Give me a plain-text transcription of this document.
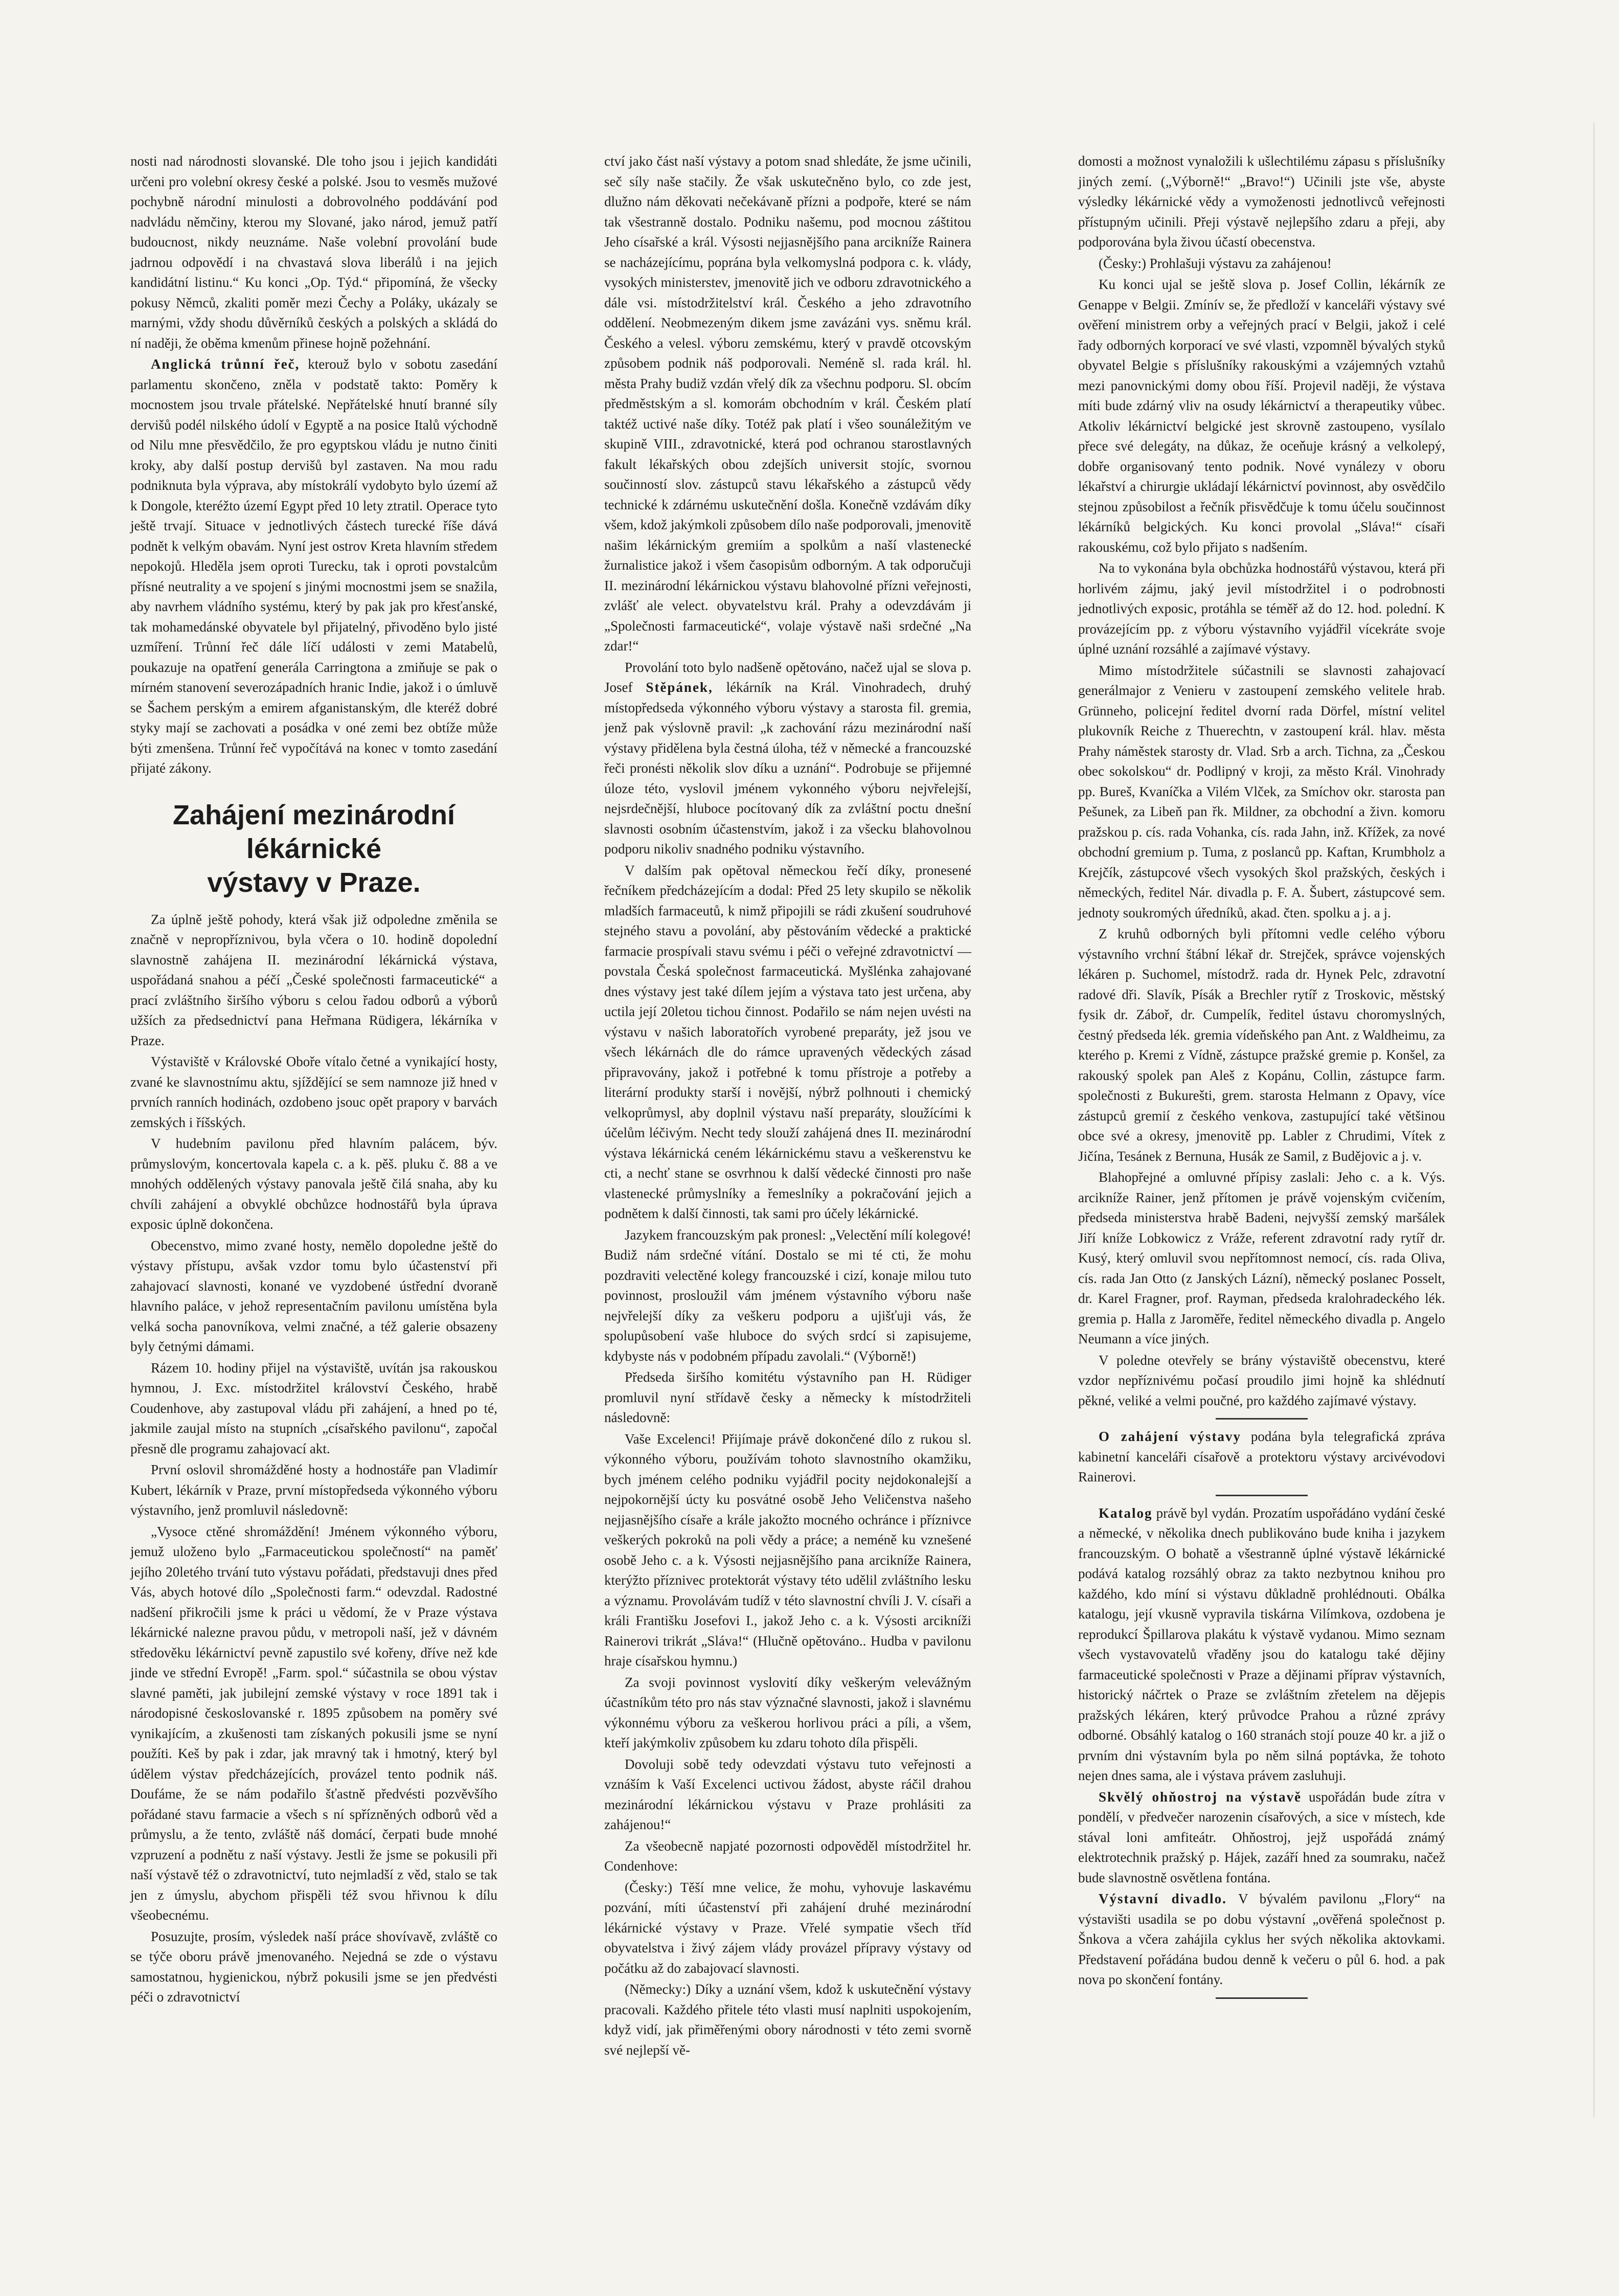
nosti nad národnosti slovanské. Dle toho jsou i jejich kandidáti určeni pro volební okresy české a polské. Jsou to vesměs mužové pochybně národní minulosti a dobrovolného poddávání pod nadvládu němčiny, kterou my Slované, jako národ, jemuž patří budoucnost, nikdy neuznáme. Naše volební provolání bude jadrnou odpovědí i na chvastavá slova liberálů i na jejich kandidátní listinu.“ Ku konci „Op. Týd.“ připomíná, že všecky pokusy Němců, zkaliti poměr mezi Čechy a Poláky, ukázaly se marnými, vždy shodu důvěrníků českých a polských a skládá do ní naději, že oběma kmenům přinese hojně požehnání.

Anglická trůnní řeč, kterouž bylo v sobotu zasedání parlamentu skončeno, zněla v podstatě takto: Poměry k mocnostem jsou trvale přátelské. Nepřátelské hnutí branné síly dervišů podél nilského údolí v Egyptě a na posice Italů východně od Nilu mne přesvědčilo, že pro egyptskou vládu je nutno činiti kroky, aby další postup dervišů byl zastaven. Na mou radu podniknuta byla výprava, aby místokrálí vydobyto bylo území až k Dongole, kteréžto území Egypt před 10 lety ztratil. Operace tyto ještě trvají. Situace v jednotlivých částech turecké říše dává podnět k velkým obavám. Nyní jest ostrov Kreta hlavním středem nepokojů. Hleděla jsem oproti Turecku, tak i oproti povstalcům přísné neutrality a ve spojení s jinými mocnostmi jsem se snažila, aby navrhem vládního systému, který by pak jak pro křesťanské, tak mohamedánské obyvatele byl přijatelný, přivoděno bylo jisté uzmíření. Trůnní řeč dále líčí události v zemi Matabelů, poukazuje na opatření generála Carringtona a zmiňuje se pak o mírném stanovení severozápadních hranic Indie, jakož i o úmluvě se Šachem perským a emirem afganistanským, dle kteréž dobré styky mají se zachovati a posádka v oné zemi bez obtíže může býti zmenšena. Trůnní řeč vypočítává na konec v tomto zasedání přijaté zákony.

Zahájení mezinárodní lékárnické
výstavy v Praze.

Za úplně ještě pohody, která však již odpoledne změnila se značně v nepropříznivou, byla včera o 10. hodině dopolední slavnostně zahájena II. mezinárodní lékárnická výstava, uspořádaná snahou a péčí „České společnosti farmaceutické“ a prací zvláštního širšího výboru s celou řadou odborů a výborů užších za předsednictví pana Heřmana Rüdigera, lékárníka v Praze.

Výstaviště v Královské Oboře vítalo četné a vynikající hosty, zvané ke slavnostnímu aktu, sjíždějící se sem namnoze již hned v prvních ranních hodinách, ozdobeno jsouc opět prapory v barvách zemských i říšských.

V hudebním pavilonu před hlavním palácem, býv. průmyslovým, koncertovala kapela c. a k. pěš. pluku č. 88 a ve mnohých oddělených výstavy panovala ještě čilá snaha, aby ku chvíli zahájení a obvyklé obchůzce hodnostářů byla úprava exposic úplně dokončena.

Obecenstvo, mimo zvané hosty, nemělo dopoledne ještě do výstavy přístupu, avšak vzdor tomu bylo účastenství při zahajovací slavnosti, konané ve vyzdobené ústřední dvoraně hlavního paláce, v jehož representačním pavilonu umístěna byla velká socha panovníkova, velmi značné, a též galerie obsazeny byly četnými dámami.

Rázem 10. hodiny přijel na výstaviště, uvítán jsa rakouskou hymnou, J. Exc. místodržitel království Českého, hrabě Coudenhove, aby zastupoval vládu při zahájení, a hned po té, jakmile zaujal místo na stupních „císařského pavilonu“, započal přesně dle programu zahajovací akt.

První oslovil shromážděné hosty a hodnostáře pan Vladimír Kubert, lékárník v Praze, první místopředseda výkonného výboru výstavního, jenž promluvil následovně:

„Vysoce ctěné shromáždění! Jménem výkonného výboru, jemuž uloženo bylo „Farmaceutickou společností“ na paměť jejího 20letého trvání tuto výstavu pořádati, představuji dnes před Vás, abych hotové dílo „Společnosti farm.“ odevzdal. Radostné nadšení přikročili jsme k práci u vědomí, že v Praze výstava lékárnické nalezne pravou půdu, v metropoli naší, jež v dávném středověku lékárnictví pevně zapustilo své kořeny, dříve než kde jinde ve střední Evropě! „Farm. spol.“ súčastnila se obou výstav slavné paměti, jak jubilejní zemské výstavy v roce 1891 tak i národopisné českoslovanské r. 1895 způsobem na poměry své vynikajícím, a zkušenosti tam získaných pokusili jsme se nyní použíti. Keš by pak i zdar, jak mravný tak i hmotný, který byl údělem výstav předcházejících, provázel tento podnik náš. Doufáme, že se nám podařilo šťastně předvésti pozvěvšího pořádané stavu farmacie a všech s ní spřízněných odborů věd a průmyslu, a že tento, zvláště náš domácí, čerpati bude mnohé vzpruzení a podnětu z naší výstavy. Jestli že jsme se pokusili při naší výstavě též o zdravotnictví, tuto nejmladší z věd, stalo se tak jen z úmyslu, abychom přispěli též svou hřivnou k dílu všeobecnému.

Posuzujte, prosím, výsledek naší práce shovívavě, zvláště co se týče oboru právě jmenovaného. Nejedná se zde o výstavu samostatnou, hygienickou, nýbrž pokusili jsme se jen předvésti péči o zdravotnictví

ctví jako část naší výstavy a potom snad shledáte, že jsme učinili, seč síly naše stačily. Že však uskutečněno bylo, co zde jest, dlužno nám děkovati nečekávaně přízni a podpoře, které se nám tak všestranně dostalo. Podniku našemu, pod mocnou záštitou Jeho císařské a král. Výsosti nejjasnějšího pana arcikníže Rainera se nacházejícímu, poprána byla velkomyslná podpora c. k. vlády, vysokých ministerstev, jmenovitě jich ve odboru zdravotnického a dále vsi. místodržitelství král. Českého a jeho zdravotního oddělení. Neobmezeným dikem jsme zavázáni vys. sněmu král. Českého a velesl. výboru zemskému, který v pravdě otcovským způsobem podnik náš podporovali. Neméně sl. rada král. hl. města Prahy budiž vzdán vřelý dík za všechnu podporu. Sl. obcím předměstským a sl. komorám obchodním v král. Českém platí taktéž uctivé naše díky. Totéž pak platí i všeo sounáležitým ve skupině VIII., zdravotnické, která pod ochranou starostlavných fakult lékařských obou zdejších universit stojíc, svornou součinností slov. zástupců stavu lékařského a zástupců vědy technické k zdárnému uskutečnění došla. Konečně vzdávám díky všem, kdož jakýmkoli způsobem dílo naše podporovali, jmenovitě našim lékárnickým gremiím a spolkům a naší vlastenecké žurnalistice jakož i všem časopisům odborným. A tak odporučuji II. mezinárodní lékárnickou výstavu blahovolné přízni veřejnosti, zvlášť ale velect. obyvatelstvu král. Prahy a odevzdávám ji „Společnosti farmaceutické“, volaje výstavě naši srdečné „Na zdar!“

Provolání toto bylo nadšeně opětováno, načež ujal se slova p. Josef Stěpánek, lékárník na Král. Vinohradech, druhý místopředseda výkonného výboru výstavy a starosta fil. gremia, jenž pak výslovně pravil: „k zachování rázu mezinárodní naší výstavy přidělena byla čestná úloha, též v německé a francouzské řeči pronésti několik slov díku a uznání“. Podrobuje se přijemné úloze této, vyslovil jménem vykonného výboru nejvřelejší, nejsrdečnější, hluboce pocítovaný dík za zvláštní poctu dnešní slavnosti osobním účastenstvím, jakož i za všecku blahovolnou podporu nikoliv snadného podniku výstavního.

V dalším pak opětoval německou řečí díky, pronesené řečníkem předcházejícím a dodal: Před 25 lety skupilo se několik mladších farmaceutů, k nimž připojili se rádi zkušení soudruhové stejného stavu a povolání, aby pěstováním vědecké a praktické farmacie prospívali stavu svému i péči o veřejné zdravotnictví — povstala Česká společnost farmaceutická. Myšlénka zahajované dnes výstavy jest také dílem jejím a výstava tato jest určena, aby uctila její 20letou tichou činnost. Podařilo se nám nejen uvésti na výstavu v našich laboratořích vyrobené preparáty, jež jsou ve všech lékárnách dle do rámce upravených vědeckých zásad připravovány, jakož i potřebné k tomu přístroje a potřeby a literární produkty starší i novější, nýbrž polhnouti i chemický velkoprůmysl, aby doplnil výstavu naší preparáty, sloužícími k účelům léčivým. Necht tedy slouží zahájená dnes II. mezinárodní výstava lékárnická ceném lékárnickému stavu a veškerenstvu ke cti, a nechť stane se osvrhnou k další vědecké činnosti pro naše vlastenecké průmyslníky a řemeslníky a pokračování jejich a podnětem k další činnosti, tak sami pro účely lékárnické.

Jazykem francouzským pak pronesl: „Velectění mílí kolegové! Budiž nám srdečné vítání. Dostalo se mi té cti, že mohu pozdraviti velectěné kolegy francouzské i cizí, konaje milou tuto povinnost, prosloužil vám jménem výstavního výboru naše nejvřelejší díky za veškeru podporu a ujišťuji vás, že spolupůsobení vaše hluboce do svých srdcí si zapisujeme, kdybyste nás v podobném případu zavolali.“ (Výborně!)

Předseda širšího komitétu výstavního pan H. Rüdiger promluvil nyní střídavě česky a německy k místodržiteli následovně:

Vaše Excelenci! Přijímaje právě dokončené dílo z rukou sl. výkonného výboru, používám tohoto slavnostního okamžiku, bych jménem celého podniku vyjádřil pocity nejdokonalejší a nejpokornější úcty ku posvátné osobě Jeho Veličenstva našeho nejjasnějšího císaře a krále jakožto mocného ochránce i příznivce veškerých pokroků na poli vědy a práce; a neméně ku vznešené osobě Jeho c. a k. Výsosti nejjasnějšího pana arcikníže Rainera, kterýžto příznivec protektorát výstavy této udělil zvláštního lesku a významu. Provolávám tudíž v této slavnostní chvíli J. V. císaři a králi Františku Josefovi I., jakož Jeho c. a k. Výsosti arcikníži Rainerovi trikrát „Sláva!“ (Hlučně opětováno.. Hudba v pavilonu hraje císařskou hymnu.)

Za svoji povinnost vyslovití díky veškerým velevážným účastníkům této pro nás stav význačné slavnosti, jakož i slavnému výkonnému výboru za veškerou horlivou práci a píli, a všem, kteří jakýmkoliv způsobem ku zdaru tohoto díla přispěli.

Dovoluji sobě tedy odevzdati výstavu tuto veřejnosti a vznáším k Vaší Excelenci uctivou žádost, abyste ráčil drahou mezinárodní lékárnickou výstavu v Praze prohlásiti za zahájenou!“

Za všeobecně napjaté pozornosti odpověděl místodržitel hr. Condenhove:

(Česky:) Těší mne velice, že mohu, vyhovuje laskavému pozvání, míti účastenství při zahájení druhé mezinárodní lékárnické výstavy v Praze. Vřelé sympatie všech tříd obyvatelstva i živý zájem vlády provázel přípravy výstavy od počátku až do zabajovací slavnosti.

(Německy:) Díky a uznání všem, kdož k uskutečnění výstavy pracovali. Každého přitele této vlasti musí naplniti uspokojením, když vidí, jak přiměřenými obory národnosti v této zemi svorně své nejlepší vě-

domosti a možnost vynaložili k ušlechtilému zápasu s příslušníky jiných zemí. („Výborně!“ „Bravo!“) Učinili jste vše, abyste výsledky lékárnické vědy a vymoženosti jednotlivců veřejnosti přístupným učinili. Přeji výstavě nejlepšího zdaru a přeji, aby podporována byla živou účastí obecenstva.

(Česky:) Prohlašuji výstavu za zahájenou!

Ku konci ujal se ještě slova p. Josef Collin, lékárník ze Genappe v Belgii. Zmínív se, že předloží v kanceláři výstavy své ověření ministrem orby a veřejných prací v Belgii, jakož i celé řady odborných korporací ve své vlasti, vzpomněl bývalých styků obyvatel Belgie s příslušníky rakouskými a vzájemných vztahů mezi panovnickými domy obou říší. Projevil naději, že výstava míti bude zdárný vliv na osudy lékárnictví a therapeutiky vůbec. Atkoliv lékárnictví belgické jest skrovně zastoupeno, vysílalo přece své delegáty, na důkaz, že oceňuje krásný a velkolepý, dobře organisovaný tento podnik. Nové vynálezy v oboru lékařství a chirurgie ukládají lékárnictví povinnost, aby osvědčilo stejnou způsobilost a řečník přisvědčuje k tomu účelu součinnost lékárníků belgických. Ku konci provolal „Sláva!“ císaři rakouskému, což bylo přijato s nadšením.

Na to vykonána byla obchůzka hodnostářů výstavou, která při horlivém zájmu, jaký jevil místodržitel i o podrobnosti jednotlivých exposic, protáhla se téměř až do 12. hod. polední. K provázejícím pp. z výboru výstavního vyjádřil vícekráte svoje úplné uznání rozsáhlé a zajímavé výstavy.

Mimo místodržitele súčastnili se slavnosti zahajovací generálmajor z Venieru v zastoupení zemského velitele hrab. Grünneho, policejní ředitel dvorní rada Dörfel, místní velitel plukovník Reiche z Thuerechtn, v zastoupení král. hlav. města Prahy náměstek starosty dr. Vlad. Srb a arch. Tichna, za „Českou obec sokolskou“ dr. Podlipný v kroji, za město Král. Vinohrady pp. Bureš, Kvaníčka a Vilém Vlček, za Smíchov okr. starosta pan Pešunek, za Libeň pan řk. Mildner, za obchodní a živn. komoru pražskou p. cís. rada Vohanka, cís. rada Jahn, inž. Křížek, za nové obchodní gremium p. Tuma, z poslanců pp. Kaftan, Krumbholz a Krejčík, zástupcové všech vysokých škol pražských, českých i německých, ředitel Nár. divadla p. F. A. Šubert, zástupcové sem. jednoty soukromých úředníků, akad. čten. spolku a j. a j.

Z kruhů odborných byli přítomni vedle celého výboru výstavního vrchní štábní lékař dr. Strejček, správce vojenských lékáren p. Suchomel, místodrž. rada dr. Hynek Pelc, zdravotní radové dři. Slavík, Písák a Brechler rytíř z Troskovic, městský fysik dr. Záboř, dr. Cumpelík, ředitel ústavu choromyslných, čestný předseda lék. gremia vídeňského pan Ant. z Waldheimu, za kterého p. Kremi z Vídně, zástupce pražské gremie p. Konšel, za rakouský spolek pan Aleš z Kopánu, Collin, zástupce farm. společnosti z Bukurešti, grem. starosta Helmann z Opavy, více zástupců gremií z českého venkova, zastupující také většinou obce své a okresy, jmenovitě pp. Labler z Chrudimi, Vítek z Jičína, Tesánek z Bernuna, Husák ze Samil, z Budějovic a j. v.

Blahopřejné a omluvné přípisy zaslali: Jeho c. a k. Výs. arcikníže Rainer, jenž přítomen je právě vojenským cvičením, předseda ministerstva hrabě Badeni, nejvyšší zemský maršálek Jiří kníže Lobkowicz z Vráže, referent zdravotní rady rytíř dr. Kusý, který omluvil svou nepřítomnost nemocí, cís. rada Oliva, cís. rada Jan Otto (z Janských Lázní), německý poslanec Posselt, dr. Karel Fragner, prof. Rayman, předseda kralohradeckého lék. gremia p. Halla z Jaroměře, ředitel německého divadla p. Angelo Neumann a více jiných.

V poledne otevřely se brány výstaviště obecenstvu, které vzdor nepříznivému počasí proudilo jimi hojně ka shlédnutí pěkné, veliké a velmi poučné, pro každého zajímavé výstavy.

O zahájení výstavy podána byla telegrafická zpráva kabinetní kanceláři císařově a protektoru výstavy arcivévodovi Rainerovi.

Katalog právě byl vydán. Prozatím uspořádáno vydání české a německé, v několika dnech publikováno bude kniha i jazykem francouzským. O bohatě a všestranně úplné výstavě lékárnické podává katalog rozsáhlý obraz za takto nezbytnou knihou pro každého, kdo míní si výstavu důkladně prohlédnouti. Obálka katalogu, její vkusně vypravila tiskárna Vilímkova, ozdobena je reprodukcí Špillarova plakátu k výstavě vydanou. Mimo seznam všech vystavovatelů vřaděny jsou do katalogu také dějiny farmaceutické společnosti v Praze a dějinami příprav výstavních, historický náčrtek o Praze se zvláštním zřetelem na dějepis pražských lékáren, který průvodce Prahou a různé zprávy odborné. Obsáhlý katalog o 160 stranách stojí pouze 40 kr. a již o prvním dni výstavním byla po něm silná poptávka, že tohoto nejen dnes sama, ale i výstava právem zasluhuji.

Skvělý ohňostroj na výstavě uspořádán bude zítra v pondělí, v předvečer narozenin císařových, a sice v místech, kde stával loni amfiteátr. Ohňostroj, jejž uspořádá známý elektrotechnik pražský p. Hájek, zazáří hned za soumraku, načež bude slavnostně osvětlena fontána.

Výstavní divadlo. V bývalém pavilonu „Flory“ na výstavišti usadila se po dobu výstavní „ověřená společnost p. Šnkova a včera zahájila cyklus her svých několika aktovkami. Představení pořádána budou denně k večeru o půl 6. hod. a pak nova po skončení fontány.
